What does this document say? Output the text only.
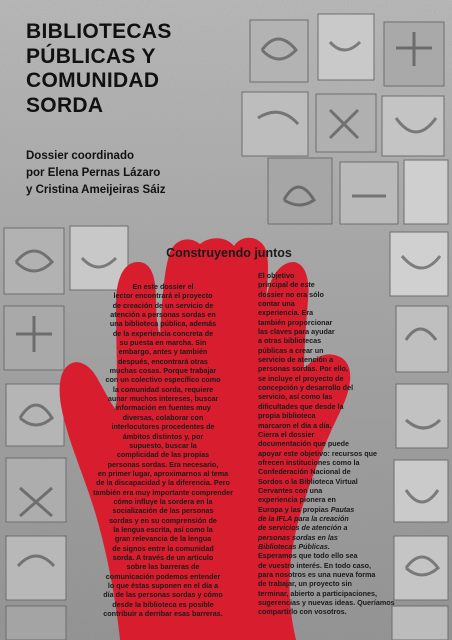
BIBLIOTECAS
PÚBLICAS Y
COMUNIDAD
SORDA
Dossier coordinado
por Elena Pernas Lázaro
y Cristina Ameijeiras Sáiz
Construyendo juntos
En este dossier el
lector encontrará el proyecto
de creación de un servicio de
atención a personas sordas en
una biblioteca pública, además
de la experiencia concreta de
su puesta en marcha. Sin
embargo, antes y también
después, encontrará otras
muchas cosas. Porque trabajar
con un colectivo específico como
la comunidad sorda, requiere
aunar muchos intereses, buscar
información en fuentes muy
diversas, colaborar con
interlocutores procedentes de
ámbitos distintos y, por
supuesto, buscar la
complicidad de las propias
personas sordas. Era necesario,
en primer lugar, aproximarnos al tema
de la discapacidad y la diferencia. Pero
también era muy importante comprender
cómo influye la sordera en la
socialización de las personas
sordas y en su comprensión de
la lengua escrita, así como la
gran relevancia de la lengua
de signos entre la comunidad
sorda. A través de un artículo
sobre las barreras de
comunicación podemos entender
lo que éstas suponen en el día a
día de las personas sordas y cómo
desde la biblioteca es posible
contribuir a derribar esas barreras.
El objetivo
principal de este
dossier no era sólo
contar una
experiencia. Era
también proporcionar
las claves para ayudar
a otras bibliotecas
públicas a crear un
servicio de atención a
personas sordas. Por ello,
se incluye el proyecto de
concepción y desarrollo del
servicio, así como las
dificultades que desde la
propia biblioteca
marcaron el día a día.
Cierra el dossier
documentación que puede
apoyar este objetivo: recursos que
ofrecen instituciones como la
Confederación Nacional de
Sordos o la Biblioteca Virtual
Cervantes con una
experiencia pionera en
Europa y las propias Pautas
de la IFLA para la creación
de servicios de atención a
personas sordas en las
Bibliotecas Públicas.
Esperamos que todo ello sea
de vuestro interés. En todo caso,
para nosotros es una nueva forma
de trabajar, un proyecto sin
terminar, abierto a participaciones,
sugerencias y nuevas ideas. Queríamos
compartirlo con vosotros.
